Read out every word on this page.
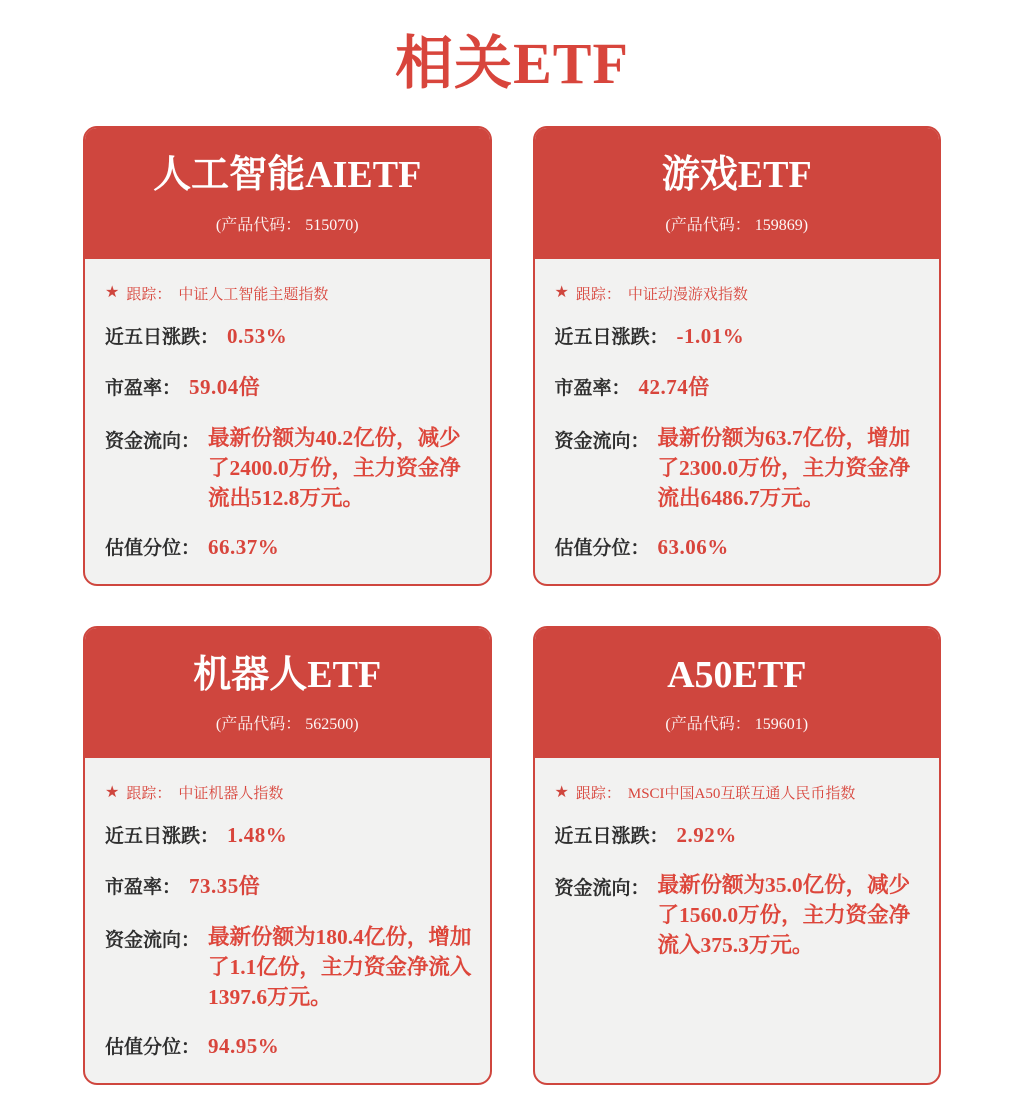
相关ETF
人工智能AIETF
(产品代码： 515070)
★ 跟踪： 中证人工智能主题指数
近五日涨跌： 0.53%
市盈率： 59.04倍
资金流向： 最新份额为40.2亿份，减少了2400.0万份，主力资金净流出512.8万元。
估值分位： 66.37%
游戏ETF
(产品代码： 159869)
★ 跟踪： 中证动漫游戏指数
近五日涨跌： -1.01%
市盈率： 42.74倍
资金流向： 最新份额为63.7亿份，增加了2300.0万份，主力资金净流出6486.7万元。
估值分位： 63.06%
机器人ETF
(产品代码： 562500)
★ 跟踪： 中证机器人指数
近五日涨跌： 1.48%
市盈率： 73.35倍
资金流向： 最新份额为180.4亿份，增加了1.1亿份，主力资金净流入1397.6万元。
估值分位： 94.95%
A50ETF
(产品代码： 159601)
★ 跟踪： MSCI中国A50互联互通人民币指数
近五日涨跌： 2.92%
资金流向： 最新份额为35.0亿份，减少了1560.0万份，主力资金净流入375.3万元。
